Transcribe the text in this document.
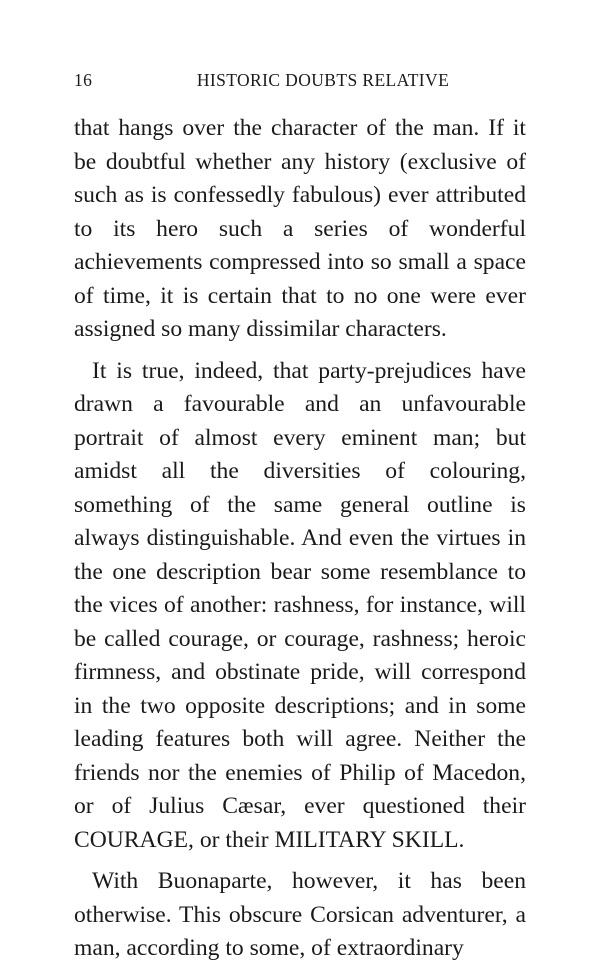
16	HISTORIC DOUBTS RELATIVE

that hangs over the character of the man. If it be doubtful whether any history (exclusive of such as is confessedly fabulous) ever attributed to its hero such a series of wonderful achievements compressed into so small a space of time, it is certain that to no one were ever assigned so many dissimilar characters.

It is true, indeed, that party-prejudices have drawn a favourable and an unfavourable portrait of almost every eminent man; but amidst all the diversities of colouring, something of the same general outline is always distinguishable. And even the virtues in the one description bear some resemblance to the vices of another: rashness, for instance, will be called courage, or courage, rashness; heroic firmness, and obstinate pride, will correspond in the two opposite descriptions; and in some leading features both will agree. Neither the friends nor the enemies of Philip of Macedon, or of Julius Cæsar, ever questioned their COURAGE, or their MILITARY SKILL.

With Buonaparte, however, it has been otherwise. This obscure Corsican adventurer, a man, according to some, of extraordinary
